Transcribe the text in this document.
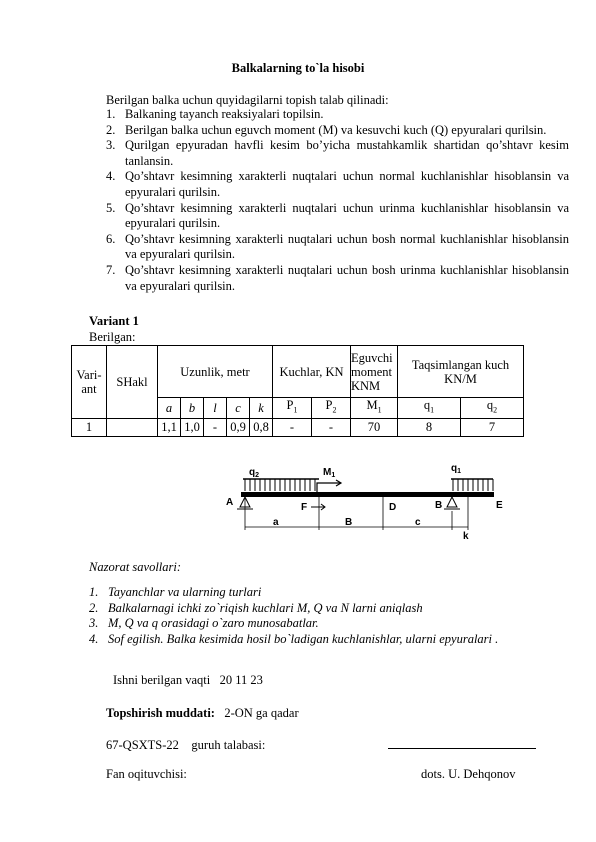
Balkalarning to`la hisobi
Berilgan balka uchun quyidagilarni topish talab qilinadi:
1. Balkaning tayanch reaksiyalari topilsin.
2. Berilgan balka uchun eguvch moment (M) va kesuvchi kuch (Q) epyuralari qurilsin.
3. Qurilgan epyuradan havfli kesim bo’yicha mustahkamlik shartidan qo’shtavr kesim tanlansin.
4. Qo’shtavr kesimning xarakterli nuqtalari uchun normal kuchlanishlar hisoblansin va epyuralari qurilsin.
5. Qo’shtavr kesimning xarakterli nuqtalari uchun urinma kuchlanishlar hisoblansin va epyuralari qurilsin.
6. Qo’shtavr kesimning xarakterli nuqtalari uchun bosh normal kuchlanishlar hisoblansin va epyuralari qurilsin.
7. Qo’shtavr kesimning xarakterli nuqtalari uchun bosh urinma kuchlanishlar hisoblansin va epyuralari qurilsin.
Variant 1
Berilgan:
Vari-ant	SHakl	Uzunlik, metr					Kuchlar, KN		Eguvchi moment KNM	Taqsimlangan kuch KN/M	

		a	b	l	c	k	$P_1$	$P_2$	$M_1$	$q_1$	$q_2$
1		1,1	1,0	-	0,9	0,8	-	-	70	8	7
$q_2$	$M_1$
$q_1$
A	F	D	B	E
a	B	c
k
Nazorat savollari:
1. Tayanchlar va ularning turlari
2. Balkalarnagi ichki zo`riqish kuchlari M, Q va N larni aniqlash
3. M, Q va q orasidagi o`zaro munosabatlar.
4. Sof egilish. Balka kesimida hosil bo`ladigan kuchlanishlar, ularni epyuralari .
Ishni berilgan vaqti 20 11 23
Topshirish muddati: 2-ON ga qadar
67-QSXTS-22    guruh talabasi:
Fan oqituvchisi:	dots. U. Dehqonov
